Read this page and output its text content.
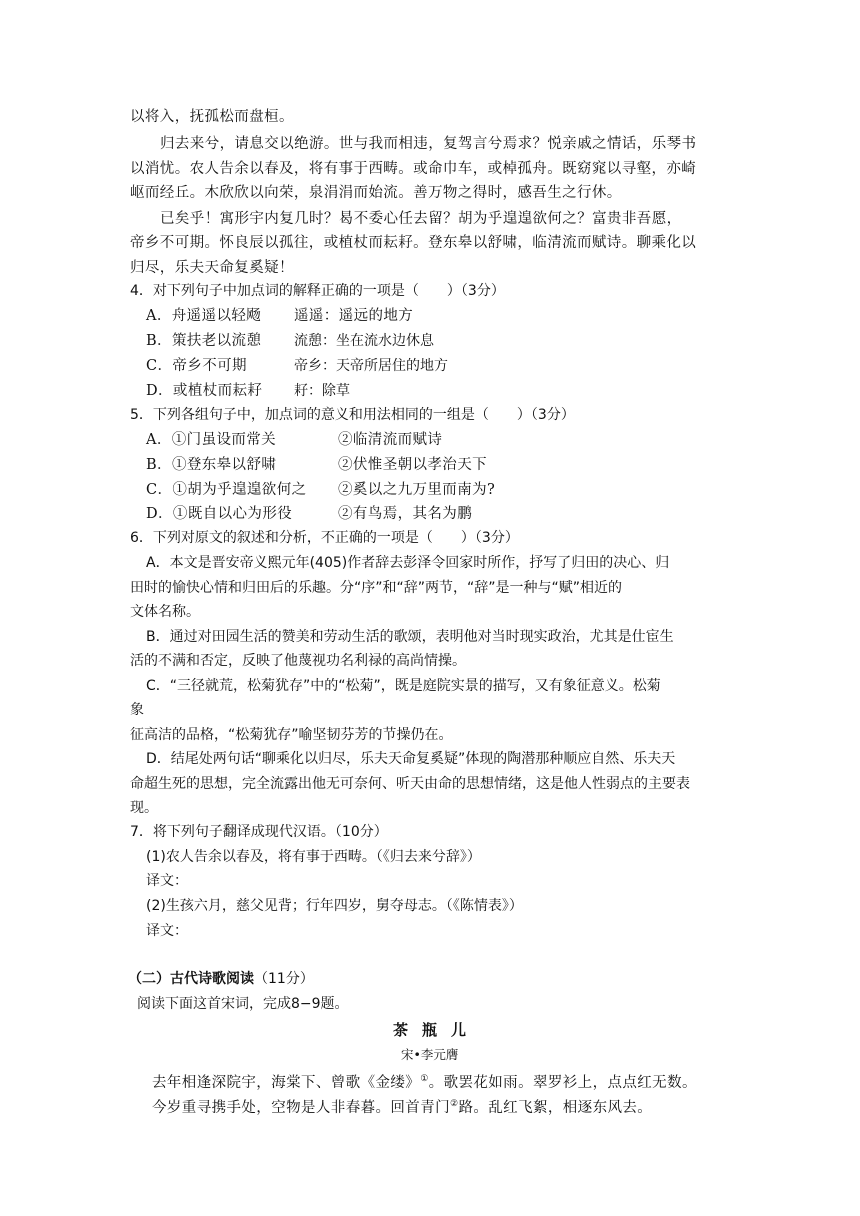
以将入，抚孤松而盘桓。
归去来兮，请息交以绝游。世与我而相违，复驾言兮焉求？悦亲戚之情话，乐琴书
以消忧。农人告余以春及，将有事于西畴。或命巾车，或棹孤舟。既窈窕以寻壑，亦崎
岖而经丘。木欣欣以向荣，泉涓涓而始流。善万物之得时，感吾生之行休。
已矣乎！寓形宇内复几时？曷不委心任去留？胡为乎遑遑欲何之？富贵非吾愿，
帝乡不可期。怀良辰以孤往，或植杖而耘耔。登东皋以舒啸，临清流而赋诗。聊乘化以
归尽，乐夫天命复奚疑！
4．对下列句子中加点词的解释正确的一项是（　　）（3分）
A．舟遥遥以轻飏 遥遥：遥远的地方
B．策扶老以流憩 流憩：坐在流水边休息
C．帝乡不可期	帝乡：天帝所居住的地方
D．或植杖而耘耔 耔：除草
5．下列各组句子中，加点词的意义和用法相同的一组是（　　）（3分）
A．①门虽设而常关	②临清流而赋诗
B．①登东皋以舒啸	②伏惟圣朝以孝治天下
C．①胡为乎遑遑欲何之 ②奚以之九万里而南为?
D．①既自以心为形役	②有鸟焉，其名为鹏
6．下列对原文的叙述和分析，不正确的一项是（　　）（3分）
A．本文是晋安帝义熙元年(405)作者辞去彭泽令回家时所作，抒写了归田的决心、归
田时的愉快心情和归田后的乐趣。分“序”和“辞”两节，“辞”是一种与“赋”相近的
文体名称。
B．通过对田园生活的赞美和劳动生活的歌颂，表明他对当时现实政治，尤其是仕宦生
活的不满和否定，反映了他蔑视功名利禄的高尚情操。
C．“三径就荒，松菊犹存”中的“松菊”，既是庭院实景的描写，又有象征意义。松菊
象
征高洁的品格，“松菊犹存”喻坚韧芬芳的节操仍在。
D．结尾处两句话“聊乘化以归尽，乐夫天命复奚疑”体现的陶潜那种顺应自然、乐夫天
命超生死的思想，完全流露出他无可奈何、听天由命的思想情绪，这是他人性弱点的主要表
现。
7．将下列句子翻译成现代汉语。（10分）
(1)农人告余以春及，将有事于西畴。（《归去来兮辞》）
译文：
(2)生孩六月，慈父见背；行年四岁，舅夺母志。（《陈情表》）
译文：
（二）古代诗歌阅读（11分）
阅读下面这首宋词，完成8−9题。
茶瓶儿
宋•李元膺
去年相逢深院宇，海棠下、曾歌《金缕》①。歌罢花如雨。翠罗衫上，点点红无数。
今岁重寻携手处，空物是人非春暮。回首青门②路。乱红飞絮，相逐东风去。
